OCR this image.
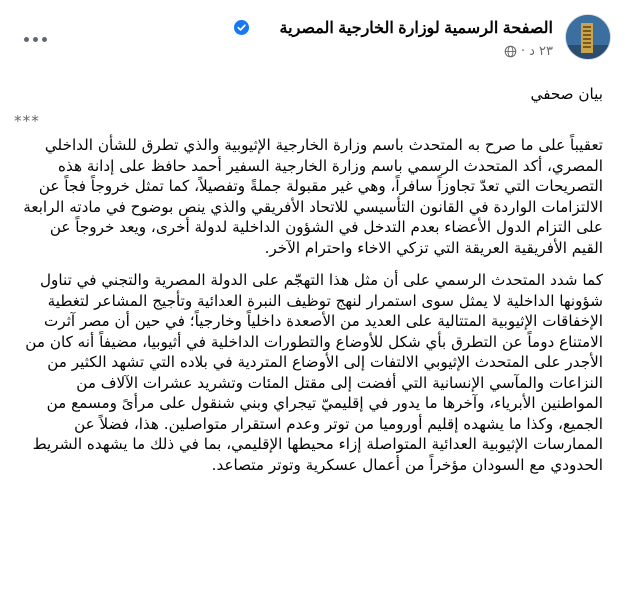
الصفحة الرسمية لوزارة الخارجية المصرية
٢٣ د
·

بيان صحفي

***

تعقيباً على ما صرح به المتحدث باسم وزارة الخارجية الإثيوبية والذي تطرق للشأن الداخلي المصري، أكد المتحدث الرسمي باسم وزارة الخارجية السفير أحمد حافظ على إدانة هذه التصريحات التي تعدّ تجاوزاً سافراً، وهي غير مقبولة جملةً وتفصيلاً، كما تمثل خروجاً فجاً عن الالتزامات الواردة في القانون التأسيسي للاتحاد الأفريقي والذي ينص بوضوح في مادته الرابعة على التزام الدول الأعضاء بعدم التدخل في الشؤون الداخلية لدولة أخرى، ويعد خروجاً عن القيم الأفريقية العريقة التي تزكي الاخاء واحترام الآخر.

كما شدد المتحدث الرسمي على أن مثل هذا التهجّم على الدولة المصرية والتجني في تناول شؤونها الداخلية لا يمثل سوى استمرار لنهج توظيف النبرة العدائية وتأجيج المشاعر لتغطية الإخفاقات الإثيوبية المتتالية على العديد من الأصعدة داخلياً وخارجياً؛ في حين أن مصر آثرت الامتناع دوماً عن التطرق بأي شكل للأوضاع والتطورات الداخلية في أثيوبيا، مضيفاً أنه كان من الأجدر على المتحدث الإثيوبي الالتفات إلى الأوضاع المتردية في بلاده التي تشهد الكثير من النزاعات والمآسي الإنسانية التي أفضت إلى مقتل المئات وتشريد عشرات الآلاف من المواطنين الأبرياء، وآخرها ما يدور في إقليميّ تيجراي وبني شنقول على مرأىً ومسمع من الجميع، وكذا ما يشهده إقليم أوروميا من توتر وعدم استقرار متواصلين. هذا، فضلاً عن الممارسات الإثيوبية العدائية المتواصلة إزاء محيطها الإقليمي، بما في ذلك ما يشهده الشريط الحدودي مع السودان مؤخراً من أعمال عسكرية وتوتر متصاعد.
